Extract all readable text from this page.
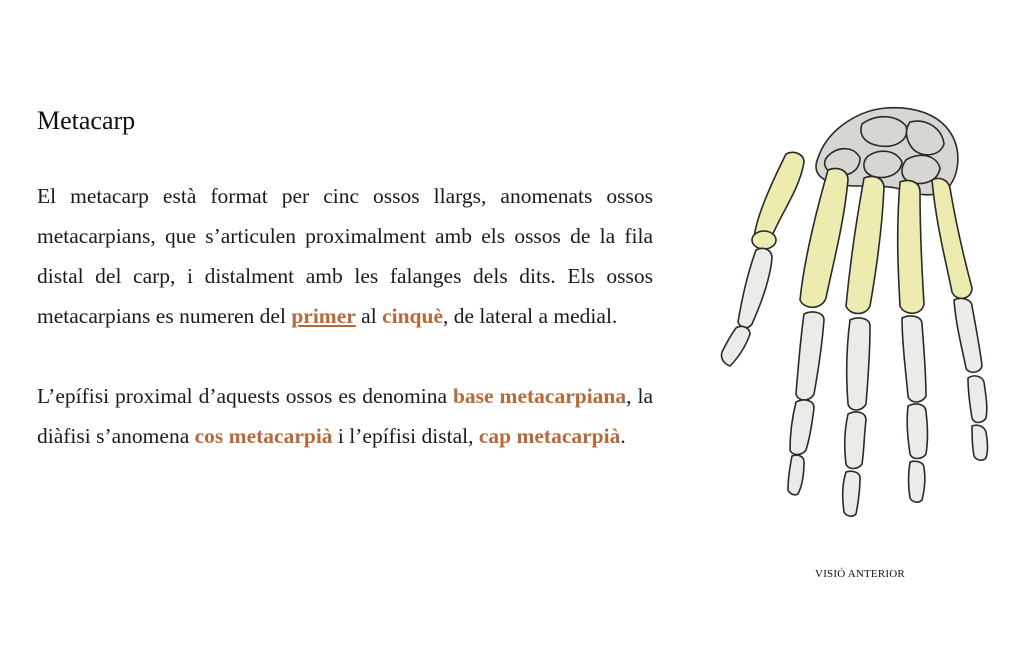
Metacarp

El metacarp està format per cinc ossos llargs, anomenats ossos metacarpians, que s’articulen proximalment amb els ossos de la fila distal del carp, i distalment amb les falanges dels dits. Els ossos metacarpians es numeren del primer al cinquè, de lateral a medial.

L’epífisi proximal d’aquests ossos es denomina base metacarpiana, la diàfisi s’anomena cos metacarpià i l’epífisi distal, cap metacarpià.

VISIÓ ANTERIOR
